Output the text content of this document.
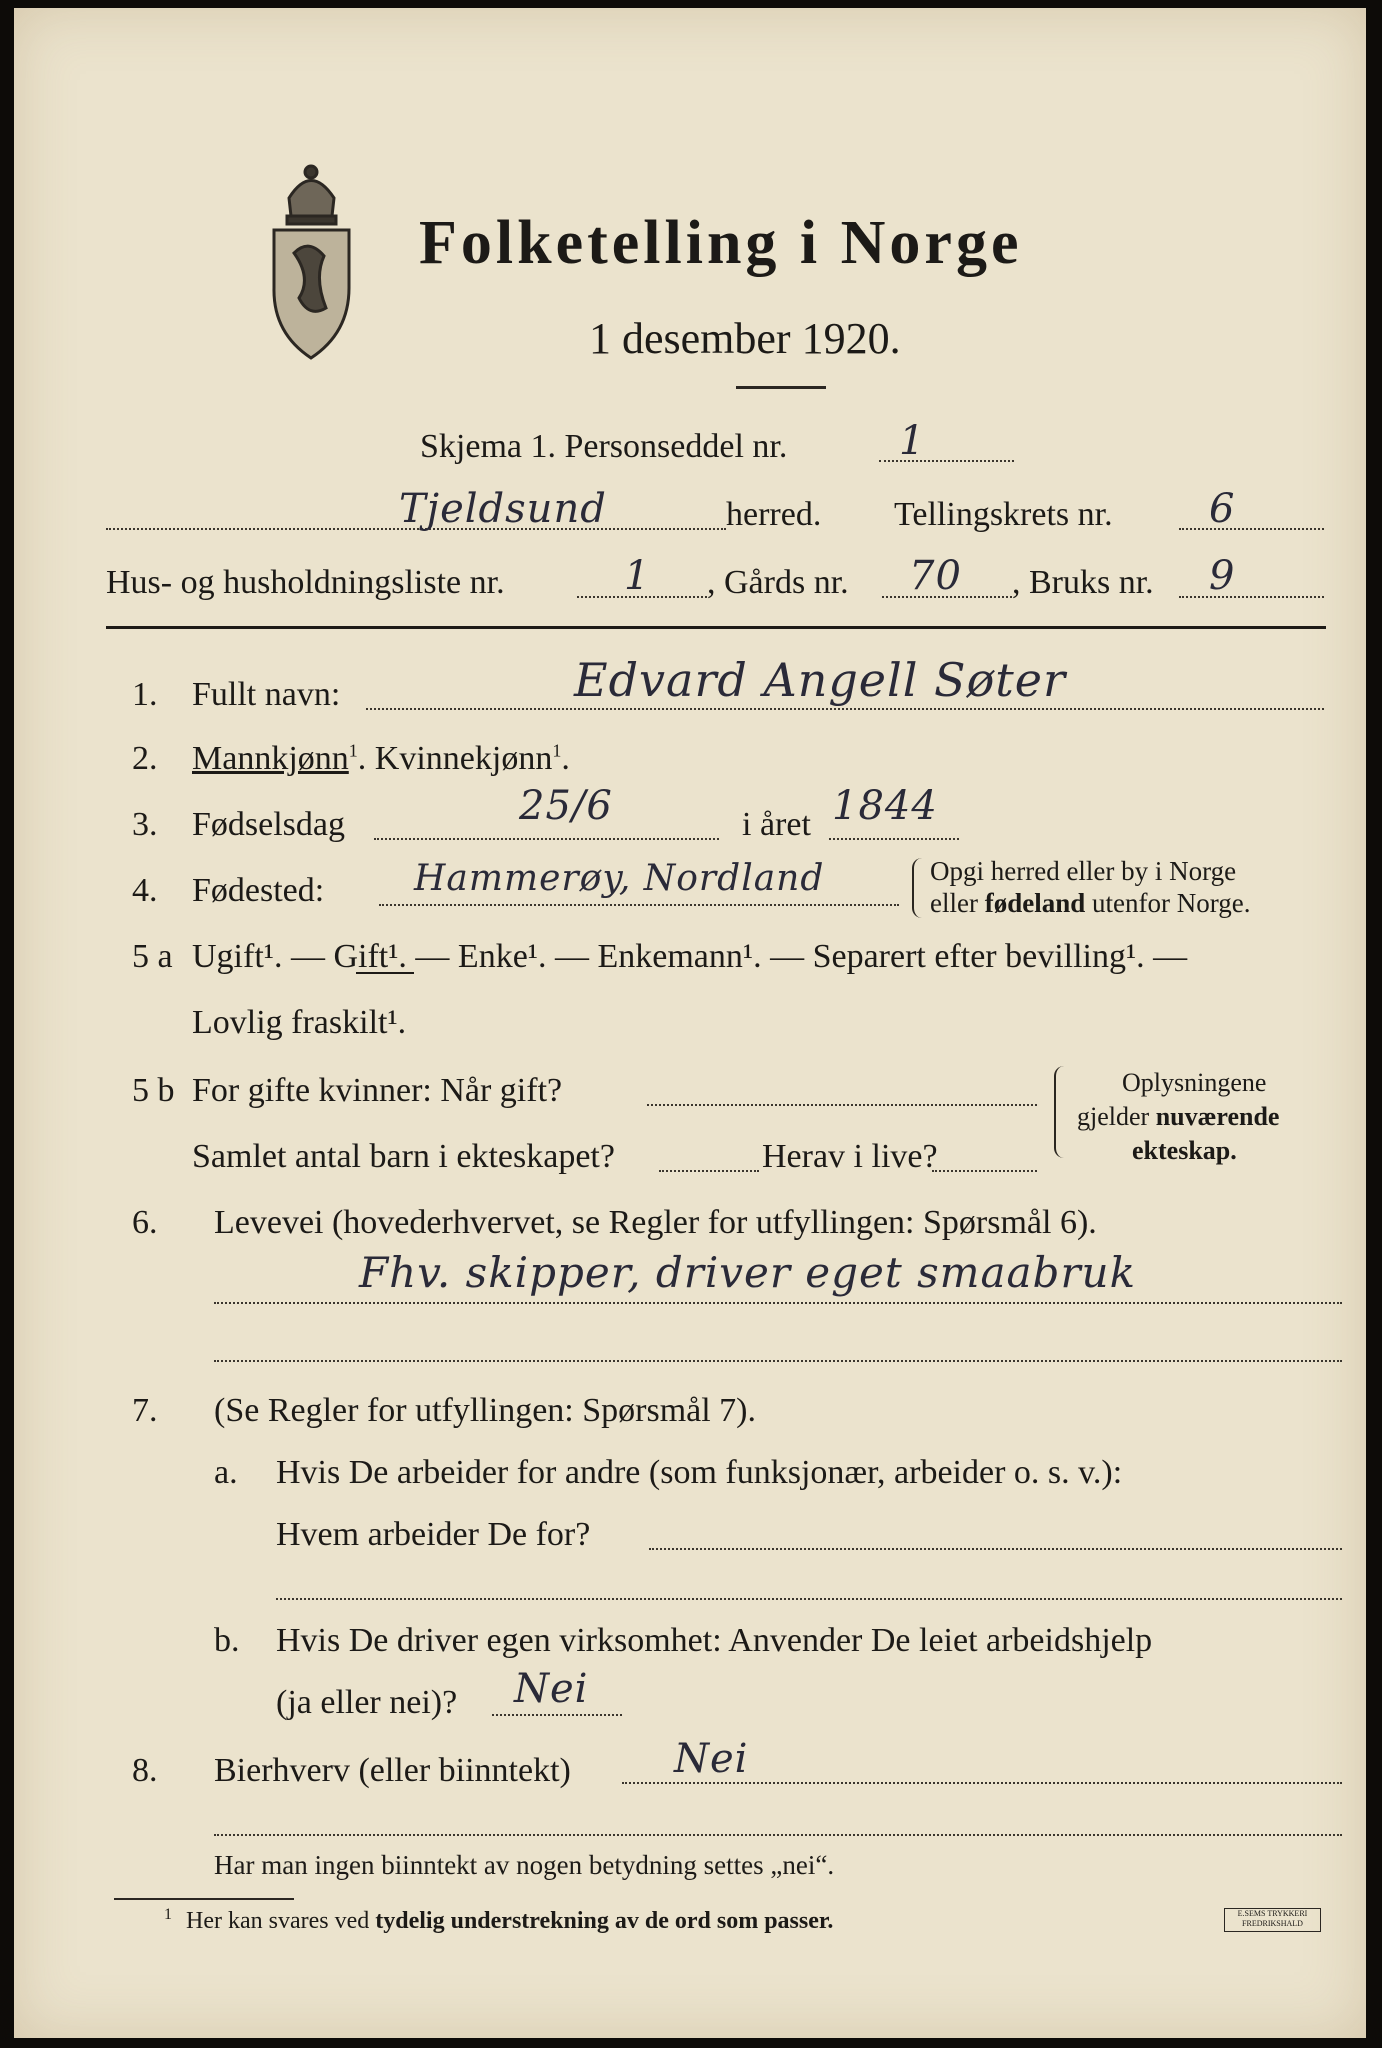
Folketelling i Norge
1 desember 1920.
Skjema 1. Personseddel nr.	1
Tjeldsund	herred. Tellingskrets nr. 6
Hus- og husholdningsliste nr.	1 , Gårds nr. 70 , Bruks nr. 9
1. Fullt navn:	Edvard Angell Søter
2. Mannkjønn$^1$. Kvinnekjønn$^1$.
3. Fødselsdag	25/6	i året 1844
4. Fødested: Hammerøy, Nordland	Opgi herred eller by i Norge
eller fødeland utenfor Norge.
5 a Ugift¹. — Gift¹. — Enke¹. — Enkemann¹. — Separert efter bevilling¹. —
Lovlig fraskilt¹.
5 b For gifte kvinner: Når gift?
Samlet antal barn i ekteskapet?	Herav i live?
Oplysningene
gjelder nuværende
ekteskap.
6. Levevei (hovederhvervet, se Regler for utfyllingen: Spørsmål 6).
Fhv. skipper, driver eget smaabruk
7. (Se Regler for utfyllingen: Spørsmål 7).
a. Hvis De arbeider for andre (som funksjonær, arbeider o. s. v.):
Hvem arbeider De for?
b. Hvis De driver egen virksomhet: Anvender De leiet arbeidshjelp
(ja eller nei)? Nei
8. Bierhverv (eller biinntekt)	Nei
Har man ingen biinntekt av nogen betydning settes „nei“.
$^1$ Her kan svares ved tydelig understrekning av de ord som passer.	E.SEMS TRYKKERI FREDRIKSHALD
